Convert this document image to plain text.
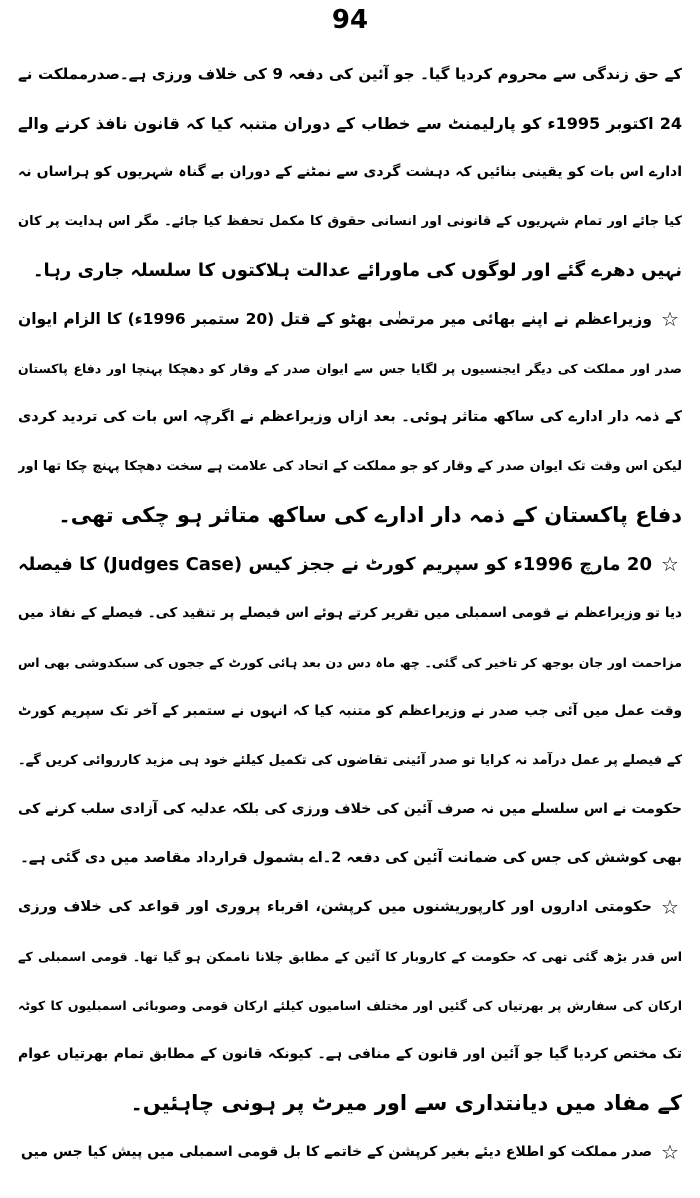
94
کے حق زندگی سے محروم کردیا گیا۔ جو آئین کی دفعہ 9 کی خلاف ورزی ہے۔صدرمملکت نے
24 اکتوبر 1995ء کو پارلیمنٹ سے خطاب کے دوران متنبہ کیا کہ قانون نافذ کرنے والے
ادارے اس بات کو یقینی بنائیں کہ دہشت گردی سے نمٹنے کے دوران بے گناہ شہریوں کو ہراساں نہ
کیا جائے اور تمام شہریوں کے قانونی اور انسانی حقوق کا مکمل تحفظ کیا جائے۔ مگر اس ہدایت پر کان
نہیں دھرے گئے اور لوگوں کی ماورائے عدالت ہلاکتوں کا سلسلہ جاری رہا۔
☆
وزیراعظم نے اپنے بھائی میر مرتضٰی بھٹو کے قتل (20 ستمبر 1996ء) کا الزام ایوان
صدر اور مملکت کی دیگر ایجنسیوں پر لگایا جس سے ایوان صدر کے وقار کو دھچکا پہنچا اور دفاع پاکستان
کے ذمہ دار ادارے کی ساکھ متاثر ہوئی۔ بعد ازاں وزیراعظم نے اگرچہ اس بات کی تردید کردی
لیکن اس وقت تک ایوان صدر کے وقار کو جو مملکت کے اتحاد کی علامت ہے سخت دھچکا پہنچ چکا تھا اور
دفاع پاکستان کے ذمہ دار ادارے کی ساکھ متاثر ہو چکی تھی۔
☆
20 مارچ 1996ء کو سپریم کورٹ نے ججز کیس (Judges Case) کا فیصلہ
دیا تو وزیراعظم نے قومی اسمبلی میں تقریر کرتے ہوئے اس فیصلے پر تنقید کی۔ فیصلے کے نفاذ میں
مزاحمت اور جان بوجھ کر تاخیر کی گئی۔ چھ ماہ دس دن بعد ہائی کورٹ کے ججوں کی سبکدوشی بھی اس
وقت عمل میں آئی جب صدر نے وزیراعظم کو متنبہ کیا کہ انہوں نے ستمبر کے آخر تک سپریم کورٹ
کے فیصلے پر عمل درآمد نہ کرایا تو صدر آئینی تقاضوں کی تکمیل کیلئے خود ہی مزید کارروائی کریں گے۔
حکومت نے اس سلسلے میں نہ صرف آئین کی خلاف ورزی کی بلکہ عدلیہ کی آزادی سلب کرنے کی
بھی کوشش کی جس کی ضمانت آئین کی دفعہ 2۔اے بشمول قرارداد مقاصد میں دی گئی ہے۔
☆
حکومتی اداروں اور کارپوریشنوں میں کرپشن، اقرباء پروری اور قواعد کی خلاف ورزی
اس قدر بڑھ گئی تھی کہ حکومت کے کاروبار کا آئین کے مطابق چلانا ناممکن ہو گیا تھا۔ قومی اسمبلی کے
ارکان کی سفارش پر بھرتیاں کی گئیں اور مختلف اسامیوں کیلئے ارکان قومی وصوبائی اسمبلیوں کا کوٹہ
تک مختص کردیا گیا جو آئین اور قانون کے منافی ہے۔ کیونکہ قانون کے مطابق تمام بھرتیاں عوام
کے مفاد میں دیانتداری سے اور میرٹ پر ہونی چاہئیں۔
☆
صدر مملکت کو اطلاع دیئے بغیر کرپشن کے خاتمے کا بل قومی اسمبلی میں پیش کیا جس میں
